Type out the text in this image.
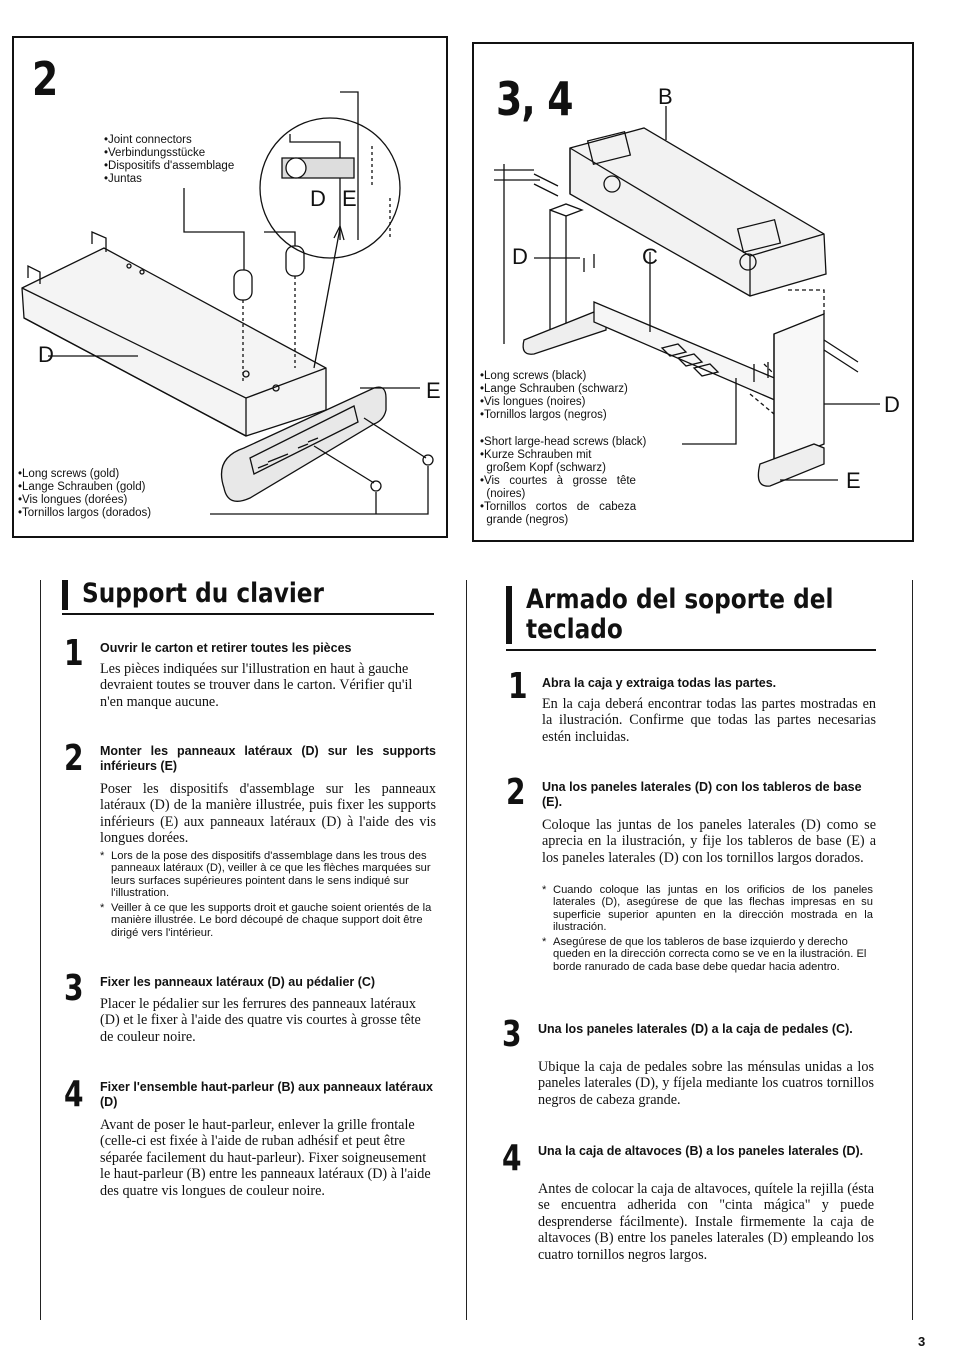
2
•Joint connectors
•Verbindungsstücke
•Dispositifs d'assemblage
•Juntas
•Long screws (gold)
•Lange Schrauben (gold)
•Vis longues (dorées)
•Tornillos largos (dorados)
D
E
D E
3, 4	B
C
D
D
E
•Long screws (black)
•Lange Schrauben (schwarz)
•Vis longues (noires)
•Tornillos largos (negros)
•Short large-head screws (black)
•Kurze Schrauben mit
großem Kopf (schwarz)
•Vis   courtes   à   grosse   tête
(noires)
•Tornillos   cortos   de   cabeza
grande (negros)
Support du clavier
1 Ouvrir le carton et retirer toutes les pièces
Les pièces indiquées sur l'illustration en haut à gauche devraient toutes se trouver dans le carton. Vérifier qu'il n'en manque aucune.
2 Monter les panneaux latéraux (D) sur les supports inférieurs (E)
Poser les dispositifs d'assemblage sur les panneaux latéraux (D) de la manière illustrée, puis fixer les supports inférieurs (E) aux panneaux latéraux (D) à l'aide des vis longues dorées.
* Lors de la pose des dispositifs d'assemblage dans les trous des panneaux latéraux (D), veiller à ce que les flèches marquées sur leurs surfaces supérieures pointent dans le sens indiqué sur l'illustration.
* Veiller à ce que les supports droit et gauche soient orientés de la manière illustrée. Le bord découpé de chaque support doit être dirigé vers l'intérieur.
3 Fixer les panneaux latéraux (D) au pédalier (C)
Placer le pédalier sur les ferrures des panneaux latéraux (D) et le fixer à l'aide des quatre vis courtes à grosse tête de couleur noire.
4 Fixer l'ensemble haut-parleur (B) aux panneaux latéraux (D)
Avant de poser le haut-parleur, enlever la grille frontale (celle-ci est fixée à l'aide de ruban adhésif et peut être séparée facilement du haut-parleur). Fixer soigneusement le haut-parleur (B) entre les panneaux latéraux (D) à l'aide des quatre vis longues de couleur noire.
Armado del soporte del
teclado
1 Abra la caja y extraiga todas las partes.
En la caja deberá encontrar todas las partes mostradas en la ilustración. Confirme que todas las partes necesarias estén incluidas.
2 Una los paneles laterales (D) con los tableros de base (E).
Coloque las juntas de los paneles laterales (D) como se aprecia en la ilustración, y fije los tableros de base (E) a los paneles laterales (D) con los tornillos largos dorados.
* Cuando coloque las juntas en los orificios de los paneles laterales (D), asegúrese de que las flechas impresas en su superficie superior apunten en la dirección mostrada en la ilustración.
* Asegúrese de que los tableros de base izquierdo y derecho queden en la dirección correcta como se ve en la ilustración. El borde ranurado de cada base debe quedar hacia adentro.
3 Una los paneles laterales (D) a la caja de pedales (C).
Ubique la caja de pedales sobre las ménsulas unidas a los paneles laterales (D), y fíjela mediante los cuatros tornillos negros de cabeza grande.
4 Una la caja de altavoces (B) a los paneles laterales (D).
Antes de colocar la caja de altavoces, quítele la rejilla (ésta se encuentra adherida con "cinta mágica" y puede desprenderse fácilmente). Instale firmemente la caja de altavoces (B) entre los paneles laterales (D) empleando los cuatro tornillos negros largos.
3
